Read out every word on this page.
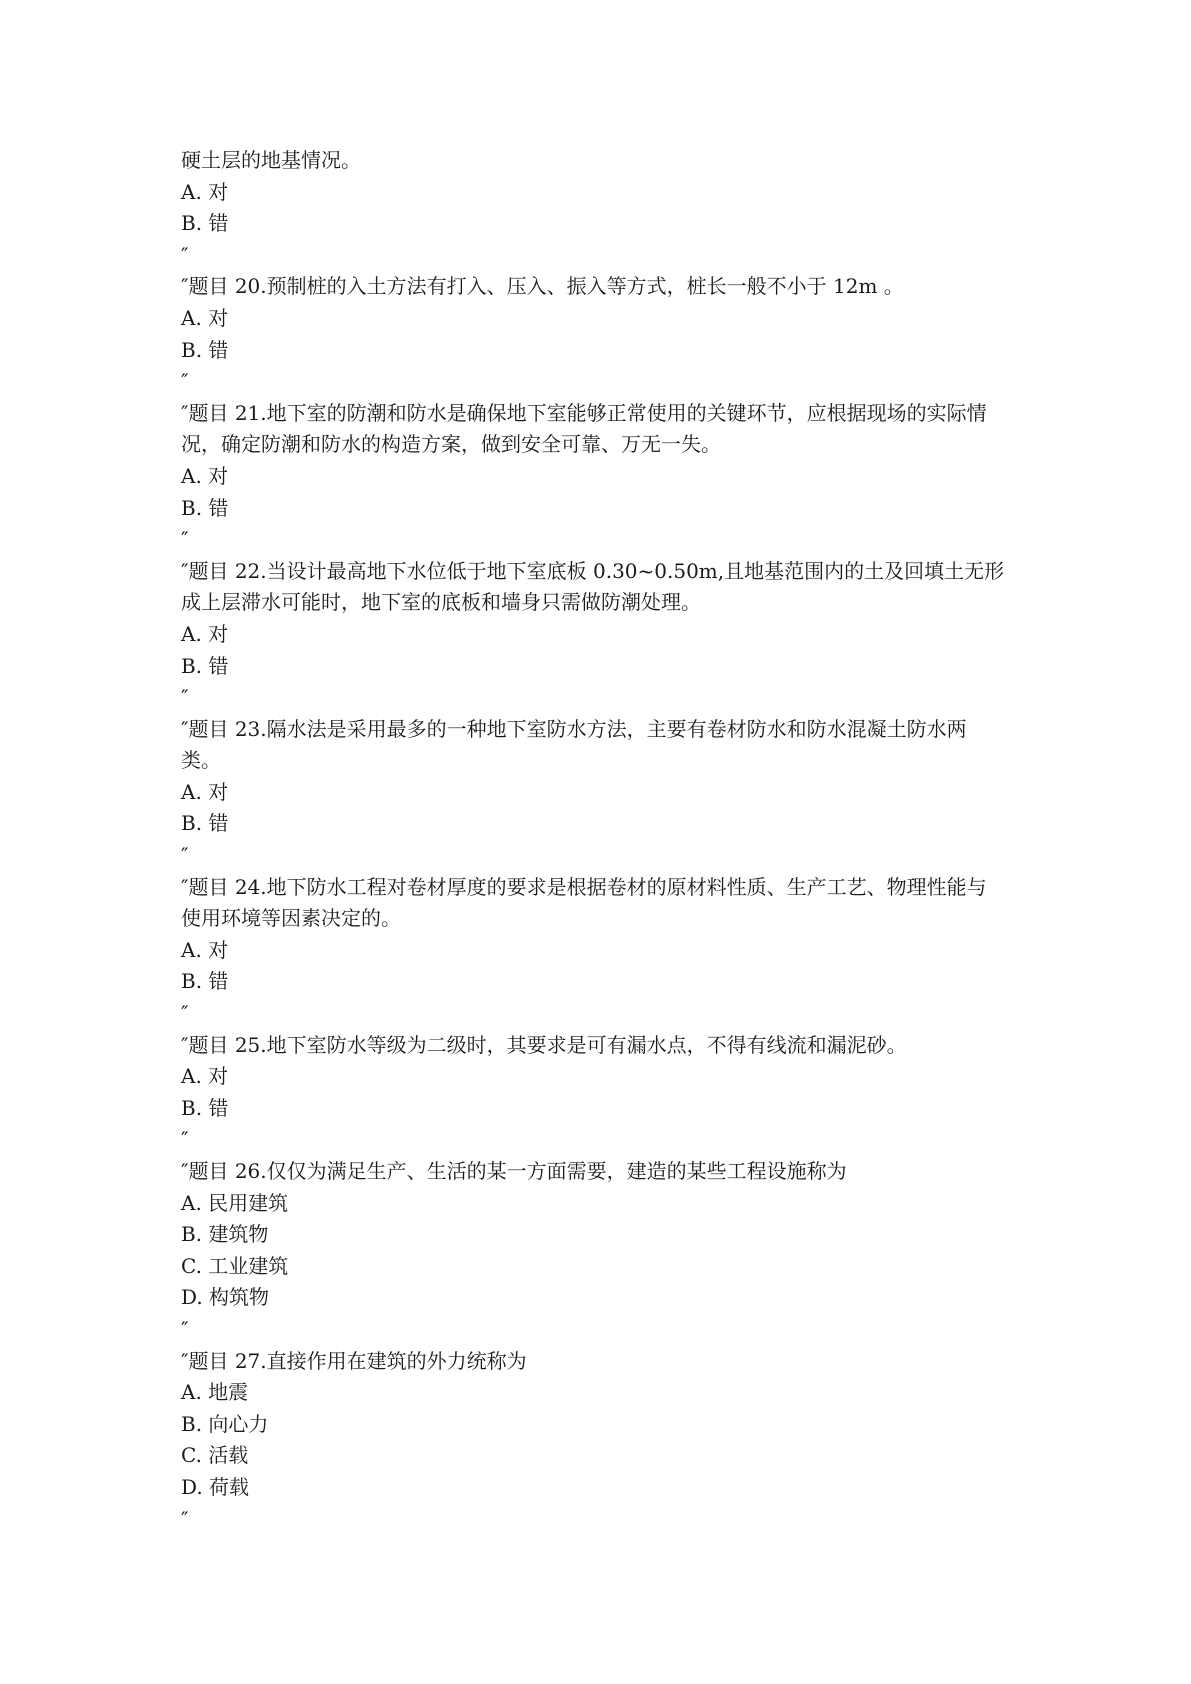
硬土层的地基情况。
A. 对
B. 错
″
″题目 20.预制桩的入土方法有打入、压入、振入等方式，桩长一般不小于 12m 。
A. 对
B. 错
″
″题目 21.地下室的防潮和防水是确保地下室能够正常使用的关键环节，应根据现场的实际情
况，确定防潮和防水的构造方案，做到安全可靠、万无一失。
A. 对
B. 错
″
″题目 22.当设计最高地下水位低于地下室底板 0.30~0.50m,且地基范围内的土及回填土无形
成上层滞水可能时，地下室的底板和墙身只需做防潮处理。
A. 对
B. 错
″
″题目 23.隔水法是采用最多的一种地下室防水方法，主要有卷材防水和防水混凝土防水两
类。
A. 对
B. 错
″
″题目 24.地下防水工程对卷材厚度的要求是根据卷材的原材料性质、生产工艺、物理性能与
使用环境等因素决定的。
A. 对
B. 错
″
″题目 25.地下室防水等级为二级时，其要求是可有漏水点，不得有线流和漏泥砂。
A. 对
B. 错
″
″题目 26.仅仅为满足生产、生活的某一方面需要，建造的某些工程设施称为
A. 民用建筑
B. 建筑物
C. 工业建筑
D. 构筑物
″
″题目 27.直接作用在建筑的外力统称为
A. 地震
B. 向心力
C. 活载
D. 荷载
″
